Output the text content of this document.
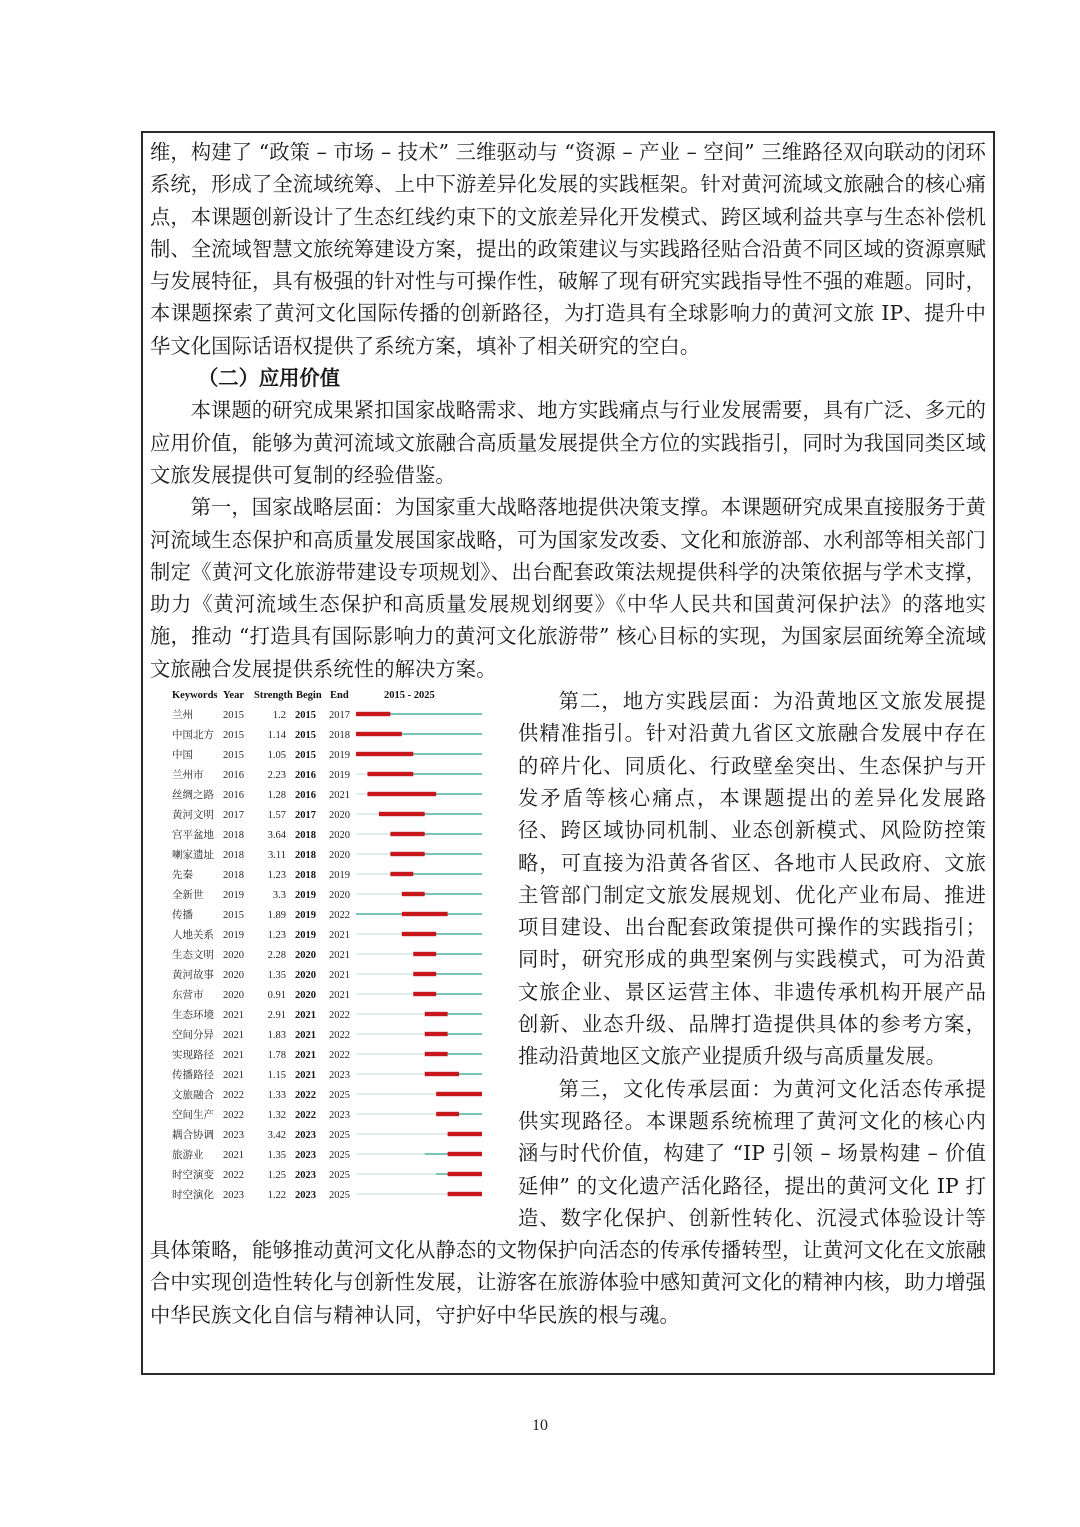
维，构建了 “政策 – 市场 – 技术” 三维驱动与 “资源 – 产业 – 空间” 三维路径双向联动的闭环系统，形成了全流域统筹、上中下游差异化发展的实践框架。针对黄河流域文旅融合的核心痛点，本课题创新设计了生态红线约束下的文旅差异化开发模式、跨区域利益共享与生态补偿机制、全流域智慧文旅统筹建设方案，提出的政策建议与实践路径贴合沿黄不同区域的资源禀赋与发展特征，具有极强的针对性与可操作性，破解了现有研究实践指导性不强的难题。同时，本课题探索了黄河文化国际传播的创新路径，为打造具有全球影响力的黄河文旅 IP、提升中华文化国际话语权提供了系统方案，填补了相关研究的空白。

（二）应用价值

本课题的研究成果紧扣国家战略需求、地方实践痛点与行业发展需要，具有广泛、多元的应用价值，能够为黄河流域文旅融合高质量发展提供全方位的实践指引，同时为我国同类区域文旅发展提供可复制的经验借鉴。

第一，国家战略层面：为国家重大战略落地提供决策支撑。本课题研究成果直接服务于黄河流域生态保护和高质量发展国家战略，可为国家发改委、文化和旅游部、水利部等相关部门制定《黄河文化旅游带建设专项规划》、出台配套政策法规提供科学的决策依据与学术支撑，助力《黄河流域生态保护和高质量发展规划纲要》《中华人民共和国黄河保护法》的落地实施，推动 “打造具有国际影响力的黄河文化旅游带” 核心目标的实现，为国家层面统筹全流域文旅融合发展提供系统性的解决方案。

Keywords Year Strength Begin End	2015 - 2025
兰州	2015	1.2 2015 2017
中国北方 2015 1.14 2015 2018
中国	2015 1.05 2015 2019
兰州市 2016 2.23 2016 2019
丝绸之路 2016 1.28 2016 2021
黄河文明 2017 1.57 2017 2020
宫平盆地 2018 3.64 2018 2020
喇家遗址 2018 3.11 2018 2020
先秦	2018 1.23 2018 2019
全新世 2019	3.3 2019 2020
传播	2015 1.89 2019 2022
人地关系 2019 1.23 2019 2021
生态文明 2020 2.28 2020 2021
黄河故事 2020 1.35 2020 2021
东营市 2020 0.91 2020 2021
生态环境 2021 2.91 2021 2022
空间分异 2021 1.83 2021 2022
实现路径 2021 1.78 2021 2022
传播路径 2021 1.15 2021 2023
文旅融合 2022 1.33 2022 2025
空间生产 2022 1.32 2022 2023
耦合协调 2023 3.42 2023 2025
旅游业 2021 1.35 2023 2025
时空演变 2022 1.25 2023 2025
时空演化 2023 1.22 2023 2025

第二，地方实践层面：为沿黄地区文旅发展提供精准指引。针对沿黄九省区文旅融合发展中存在的碎片化、同质化、行政壁垒突出、生态保护与开发矛盾等核心痛点，本课题提出的差异化发展路径、跨区域协同机制、业态创新模式、风险防控策略，可直接为沿黄各省区、各地市人民政府、文旅主管部门制定文旅发展规划、优化产业布局、推进项目建设、出台配套政策提供可操作的实践指引；同时，研究形成的典型案例与实践模式，可为沿黄文旅企业、景区运营主体、非遗传承机构开展产品创新、业态升级、品牌打造提供具体的参考方案，推动沿黄地区文旅产业提质升级与高质量发展。

第三，文化传承层面：为黄河文化活态传承提供实现路径。本课题系统梳理了黄河文化的核心内涵与时代价值，构建了 “IP 引领 – 场景构建 – 价值延伸” 的文化遗产活化路径，提出的黄河文化 IP 打造、数字化保护、创新性转化、沉浸式体验设计等具体策略，能够推动黄河文化从静态的文物保护向活态的传承传播转型，让黄河文化在文旅融合中实现创造性转化与创新性发展，让游客在旅游体验中感知黄河文化的精神内核，助力增强中华民族文化自信与精神认同，守护好中华民族的根与魂。

10
